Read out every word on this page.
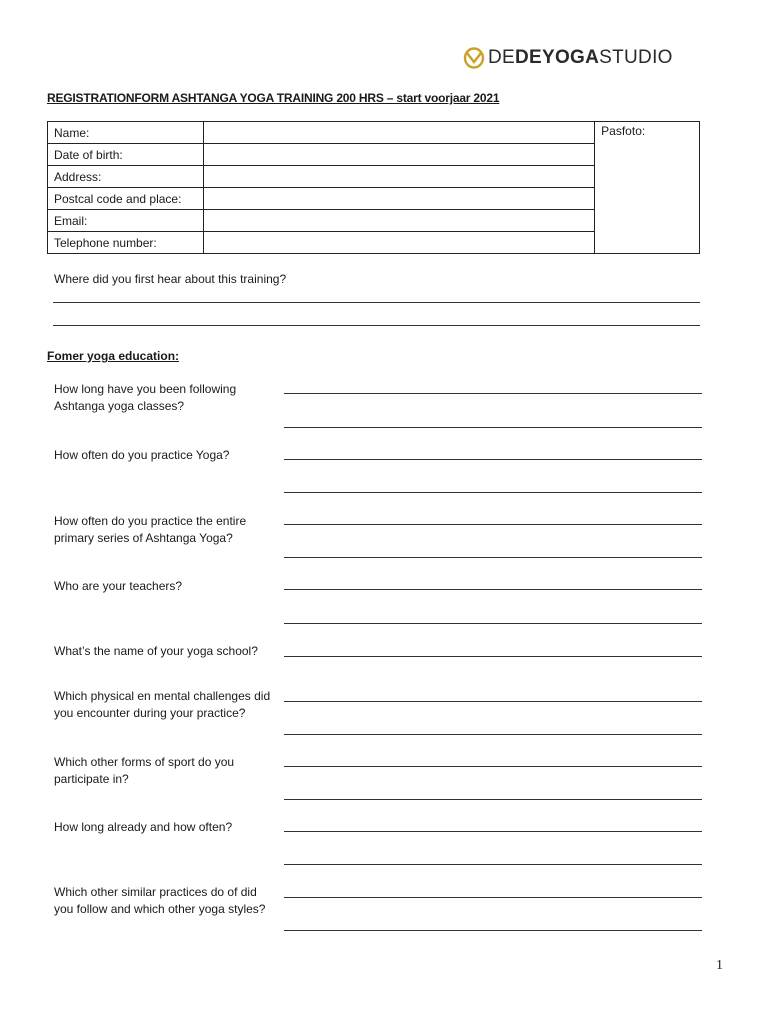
DEDEYOGASTUDIO
REGISTRATIONFORM ASHTANGA YOGA TRAINING 200 HRS – start voorjaar 2021
Name:		Pasfoto:
Date of birth:		
Address:		
Postcal code and place:		
Email:		
Telephone number:		
Where did you first hear about this training?
Fomer yoga education:
How long have you been following Ashtanga yoga classes?
How often do you practice Yoga?
How often do you practice the entire primary series of Ashtanga Yoga?
Who are your teachers?
What’s the name of your yoga school?
Which physical en mental challenges did you encounter during your practice?
Which other forms of sport do you participate in?
How long already and how often?
Which other similar practices do of did you follow and which other yoga styles?
1
